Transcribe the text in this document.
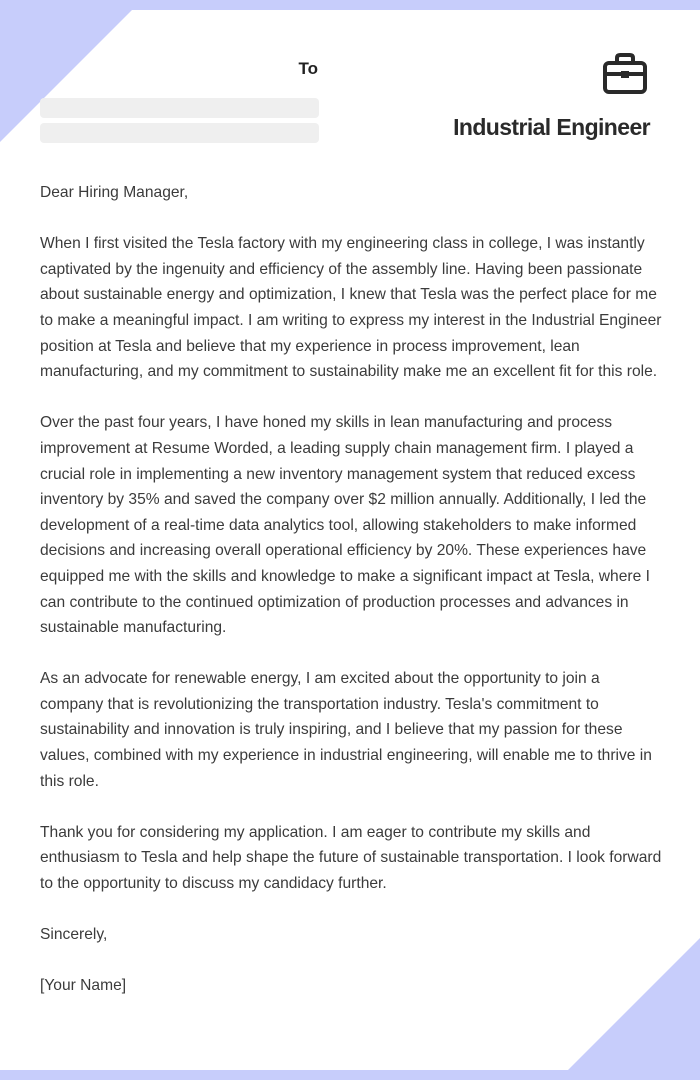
To
Industrial Engineer

Dear Hiring Manager,

When I first visited the Tesla factory with my engineering class in college, I was instantly captivated by the ingenuity and efficiency of the assembly line. Having been passionate about sustainable energy and optimization, I knew that Tesla was the perfect place for me to make a meaningful impact. I am writing to express my interest in the Industrial Engineer position at Tesla and believe that my experience in process improvement, lean manufacturing, and my commitment to sustainability make me an excellent fit for this role.

Over the past four years, I have honed my skills in lean manufacturing and process improvement at Resume Worded, a leading supply chain management firm. I played a crucial role in implementing a new inventory management system that reduced excess inventory by 35% and saved the company over $2 million annually. Additionally, I led the development of a real-time data analytics tool, allowing stakeholders to make informed decisions and increasing overall operational efficiency by 20%. These experiences have equipped me with the skills and knowledge to make a significant impact at Tesla, where I can contribute to the continued optimization of production processes and advances in sustainable manufacturing.

As an advocate for renewable energy, I am excited about the opportunity to join a company that is revolutionizing the transportation industry. Tesla's commitment to sustainability and innovation is truly inspiring, and I believe that my passion for these values, combined with my experience in industrial engineering, will enable me to thrive in this role.

Thank you for considering my application. I am eager to contribute my skills and enthusiasm to Tesla and help shape the future of sustainable transportation. I look forward to the opportunity to discuss my candidacy further.

Sincerely,

[Your Name]
